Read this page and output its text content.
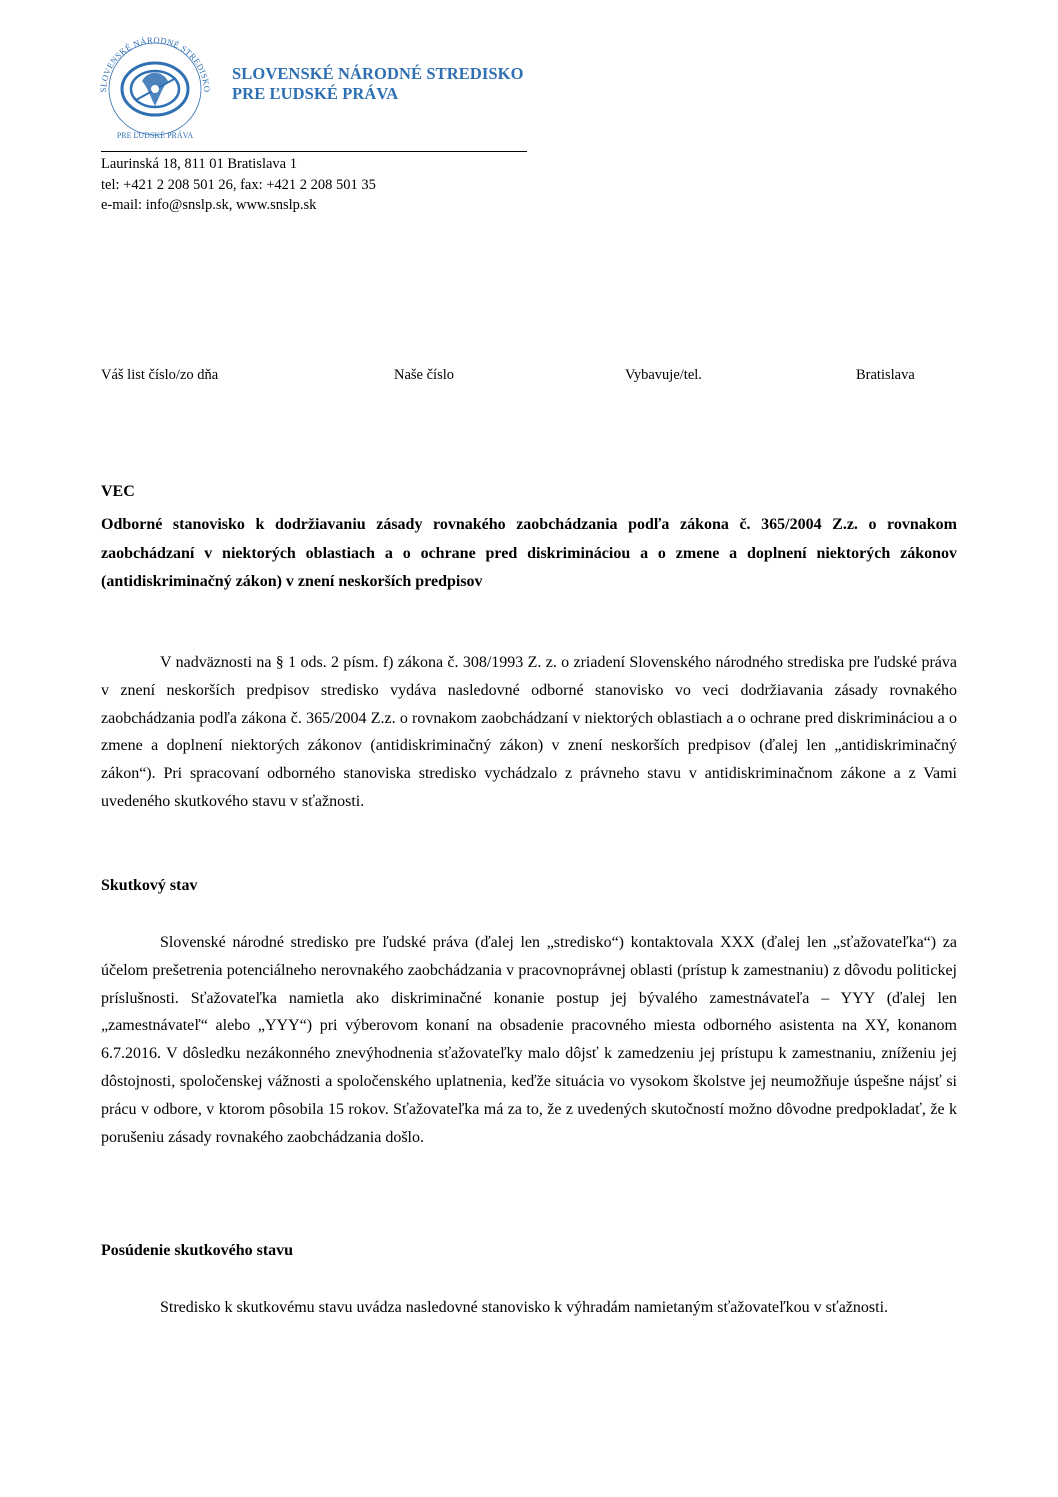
SLOVENSKÉ NÁRODNÉ STREDISKO
PRE ĽUDSKÉ PRÁVA
SLOVENSKÉ NÁRODNÉ STREDISKO
PRE ĽUDSKÉ PRÁVA
Laurinská 18, 811 01 Bratislava 1
tel: +421 2 208 501 26, fax: +421 2 208 501 35
e-mail: info@snslp.sk, www.snslp.sk
Váš list číslo/zo dňa	Naše číslo	Vybavuje/tel.	Bratislava
VEC
Odborné stanovisko k dodržiavaniu zásady rovnakého zaobchádzania podľa zákona č. 365/2004 Z.z. o rovnakom zaobchádzaní v niektorých oblastiach a o ochrane pred diskrimináciou a o zmene a doplnení niektorých zákonov (antidiskriminačný zákon) v znení neskorších predpisov
V nadväznosti na § 1 ods. 2 písm. f) zákona č. 308/1993 Z. z. o zriadení Slovenského národného strediska pre ľudské práva v znení neskorších predpisov stredisko vydáva nasledovné odborné stanovisko vo veci dodržiavania zásady rovnakého zaobchádzania podľa zákona č. 365/2004 Z.z. o rovnakom zaobchádzaní v niektorých oblastiach a o ochrane pred diskrimináciou a o zmene a doplnení niektorých zákonov (antidiskriminačný zákon) v znení neskorších predpisov (ďalej len „antidiskriminačný zákon“). Pri spracovaní odborného stanoviska stredisko vychádzalo z právneho stavu v antidiskriminačnom zákone a z Vami uvedeného skutkového stavu v sťažnosti.
Skutkový stav
Slovenské národné stredisko pre ľudské práva (ďalej len „stredisko“) kontaktovala XXX (ďalej len „sťažovateľka“) za účelom prešetrenia potenciálneho nerovnakého zaobchádzania v pracovnoprávnej oblasti (prístup k zamestnaniu) z dôvodu politickej príslušnosti. Sťažovateľka namietla ako diskriminačné konanie postup jej bývalého zamestnávateľa – YYY (ďalej len „zamestnávateľ“ alebo „YYY“) pri výberovom konaní na obsadenie pracovného miesta odborného asistenta na XY, konanom 6.7.2016. V dôsledku nezákonného znevýhodnenia sťažovateľky malo dôjsť k zamedzeniu jej prístupu k zamestnaniu, zníženiu jej dôstojnosti, spoločenskej vážnosti a spoločenského uplatnenia, keďže situácia vo vysokom školstve jej neumožňuje úspešne nájsť si prácu v odbore, v ktorom pôsobila 15 rokov. Sťažovateľka má za to, že z uvedených skutočností možno dôvodne predpokladať, že k porušeniu zásady rovnakého zaobchádzania došlo.
Posúdenie skutkového stavu
Stredisko k skutkovému stavu uvádza nasledovné stanovisko k výhradám namietaným sťažovateľkou v sťažnosti.
